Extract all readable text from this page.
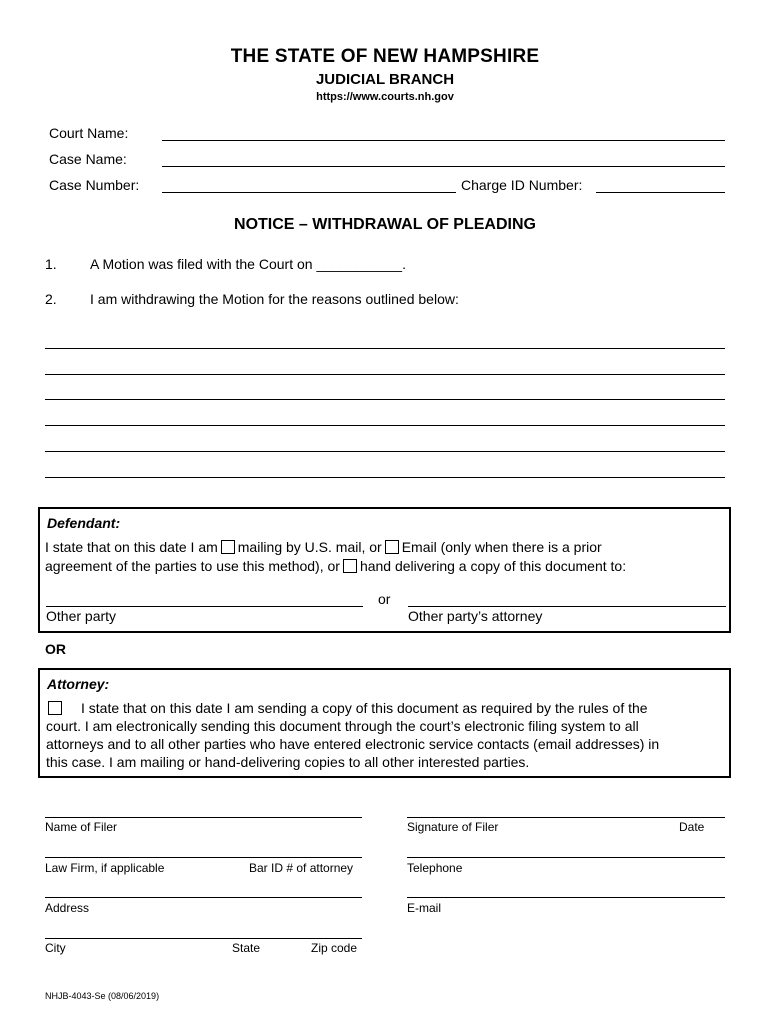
THE STATE OF NEW HAMPSHIRE
JUDICIAL BRANCH
https://www.courts.nh.gov
Court Name:
Case Name:
Case Number:	Charge ID Number:
NOTICE – WITHDRAWAL OF PLEADING
1. A Motion was filed with the Court on ___________.
2. I am withdrawing the Motion for the reasons outlined below:
Defendant:
I state that on this date I am mailing by U.S. mail, or Email (only when there is a prior
agreement of the parties to use this method), or hand delivering a copy of this document to:
or
Other party	Other party’s attorney
OR
Attorney:
I state that on this date I am sending a copy of this document as required by the rules of the
court. I am electronically sending this document through the court’s electronic filing system to all
attorneys and to all other parties who have entered electronic service contacts (email addresses) in
this case. I am mailing or hand-delivering copies to all other interested parties.
Name of Filer	Signature of Filer	Date
Law Firm, if applicable	Bar ID # of attorney	Telephone
Address	E-mail
City	State	Zip code
NHJB-4043-Se (08/06/2019)
